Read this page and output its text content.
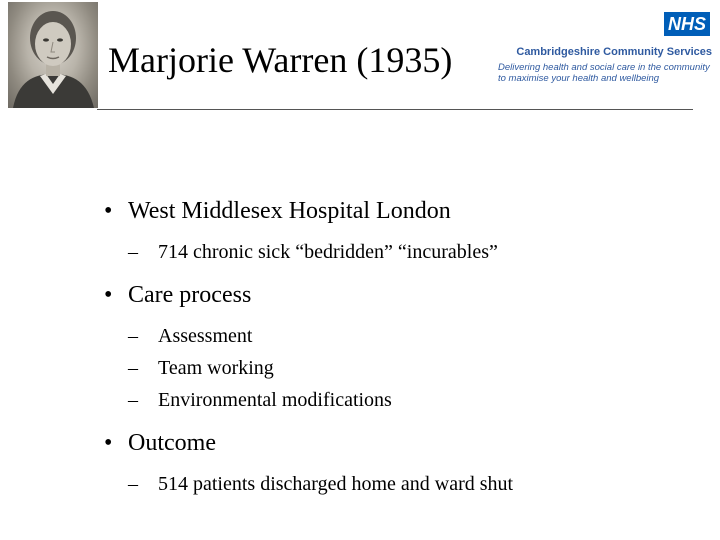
Marjorie Warren (1935)
NHS
Cambridgeshire Community Services
Delivering health and social care in the community to maximise your health and wellbeing
• West Middlesex Hospital London
– 714 chronic sick “bedridden” “incurables”
• Care process
– Assessment
– Team working
– Environmental modifications
• Outcome
– 514 patients discharged home and ward shut
